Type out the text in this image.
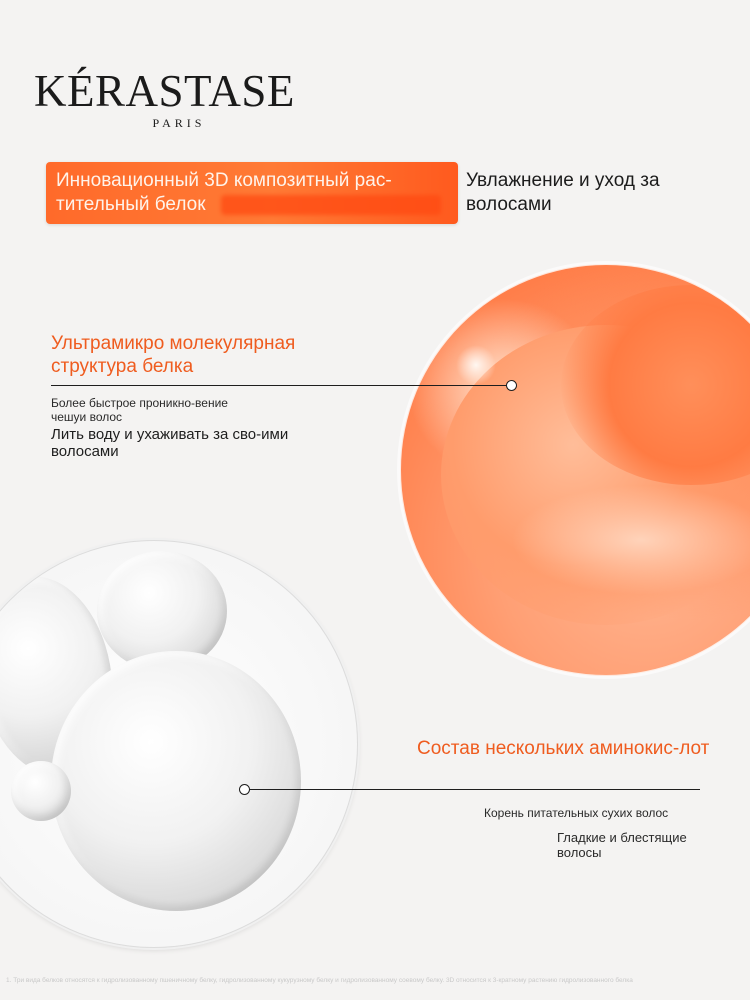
KÉRASTASE
PARIS
Инновационный 3D композитный рас-тительный белок
Увлажнение и уход за волосами
Ультрамикро молекулярная структура белка
Более быстрое проникно-вение чешуи волос
Лить воду и ухаживать за сво-ими волосами
Состав нескольких аминокис-лот
Корень питательных сухих волос
Гладкие и блестящие волосы
1. Три вида белков относятся к гидролизованному пшеничному белку, гидролизованному кукурузному белку и гидролизованному соевому белку. 3D относится к 3-кратному растению гидролизованного белка
